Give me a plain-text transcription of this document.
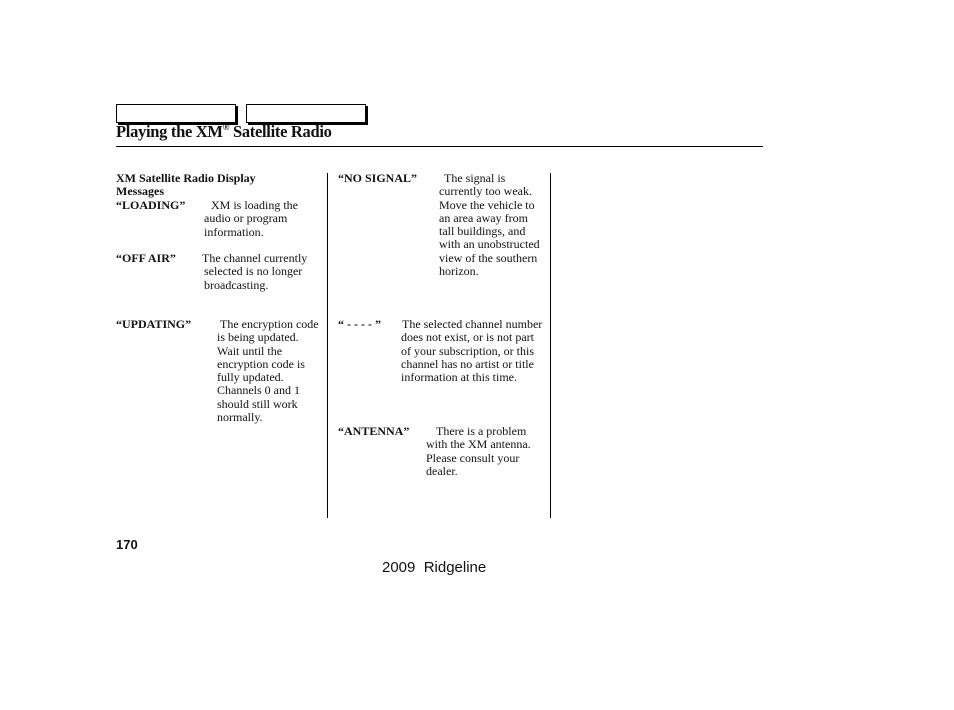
Playing the XM® Satellite Radio
XM Satellite Radio Display Messages
“LOADING”	XM is loading the audio or program information.
“OFF AIR” The channel currently selected is no longer broadcasting.
“UPDATING” The encryption code is being updated. Wait until the encryption code is fully updated. Channels 0 and 1 should still work normally.
“NO SIGNAL”	The signal is currently too weak. Move the vehicle to an area away from tall buildings, and with an unobstructed view of the southern horizon.
“ - - - - ” The selected channel number does not exist, or is not part of your subscription, or this channel has no artist or title information at this time.
“ANTENNA”	There is a problem with the XM antenna. Please consult your dealer.
170
2009  Ridgeline
